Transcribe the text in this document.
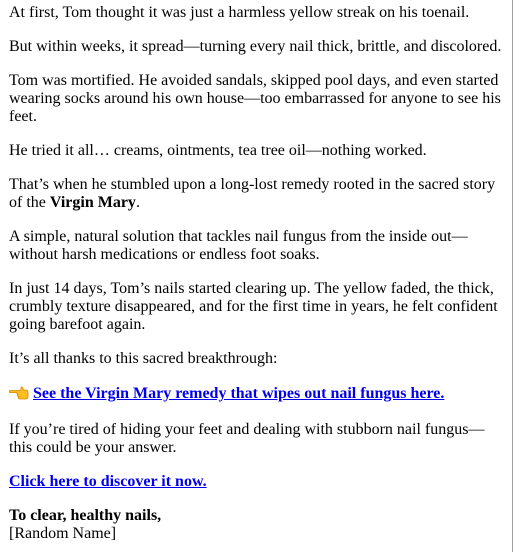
At first, Tom thought it was just a harmless yellow streak on his toenail.

But within weeks, it spread—turning every nail thick, brittle, and discolored.

Tom was mortified. He avoided sandals, skipped pool days, and even started wearing socks around his own house—too embarrassed for anyone to see his feet.

He tried it all… creams, ointments, tea tree oil—nothing worked.

That’s when he stumbled upon a long-lost remedy rooted in the sacred story of the Virgin Mary.

A simple, natural solution that tackles nail fungus from the inside out—without harsh medications or endless foot soaks.

In just 14 days, Tom’s nails started clearing up. The yellow faded, the thick, crumbly texture disappeared, and for the first time in years, he felt confident going barefoot again.

It’s all thanks to this sacred breakthrough:

See the Virgin Mary remedy that wipes out nail fungus here.

If you’re tired of hiding your feet and dealing with stubborn nail fungus—this could be your answer.

Click here to discover it now.

To clear, healthy nails,
[Random Name]
